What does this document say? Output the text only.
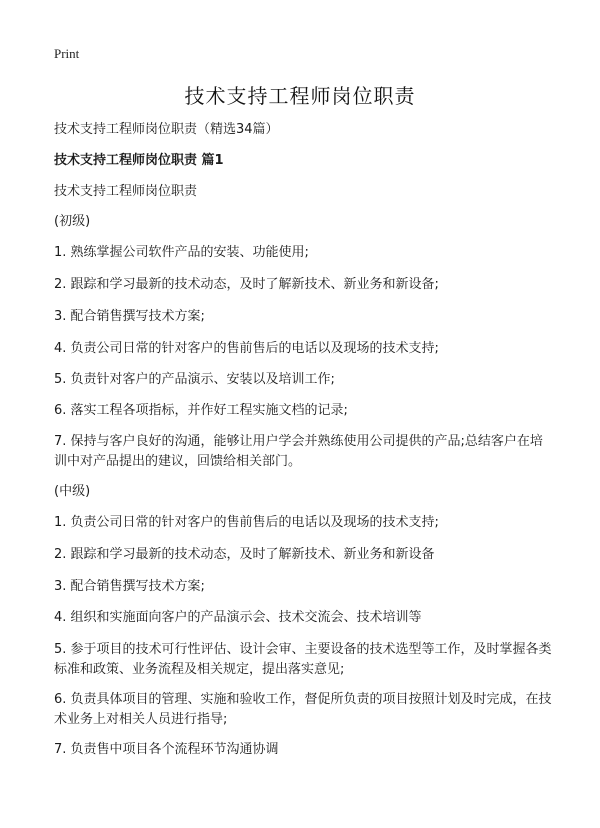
Print
技术支持工程师岗位职责
技术支持工程师岗位职责（精选34篇）
技术支持工程师岗位职责 篇1
技术支持工程师岗位职责
(初级)
1. 熟练掌握公司软件产品的安装、功能使用;
2. 跟踪和学习最新的技术动态，及时了解新技术、新业务和新设备;
3. 配合销售撰写技术方案;
4. 负责公司日常的针对客户的售前售后的电话以及现场的技术支持;
5. 负责针对客户的产品演示、安装以及培训工作;
6. 落实工程各项指标，并作好工程实施文档的记录;
7. 保持与客户良好的沟通，能够让用户学会并熟练使用公司提供的产品;总结客户在培训中对产品提出的建议，回馈给相关部门。
(中级)
1. 负责公司日常的针对客户的售前售后的电话以及现场的技术支持;
2. 跟踪和学习最新的技术动态，及时了解新技术、新业务和新设备
3. 配合销售撰写技术方案;
4. 组织和实施面向客户的产品演示会、技术交流会、技术培训等
5. 参于项目的技术可行性评估、设计会审、主要设备的技术选型等工作，及时掌握各类标准和政策、业务流程及相关规定，提出落实意见;
6. 负责具体项目的管理、实施和验收工作，督促所负责的项目按照计划及时完成，在技术业务上对相关人员进行指导;
7. 负责售中项目各个流程环节沟通协调
